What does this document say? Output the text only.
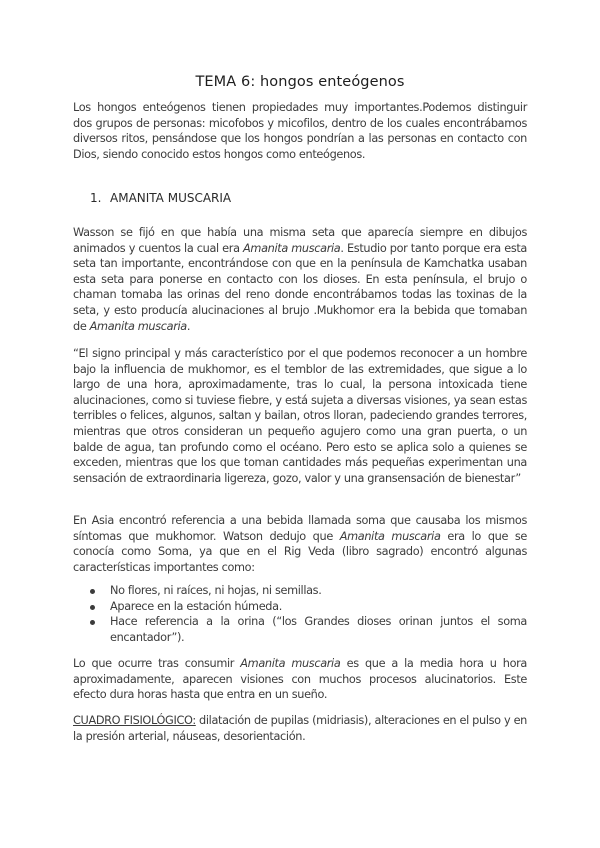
TEMA 6: hongos enteógenos

Los hongos enteógenos tienen propiedades muy importantes.Podemos distinguir dos grupos de personas: micofobos y micofilos, dentro de los cuales encontrábamos diversos ritos, pensándose que los hongos pondrían a las personas en contacto con Dios, siendo conocido estos hongos como enteógenos.

1. AMANITA MUSCARIA

Wasson se fijó en que había una misma seta que aparecía siempre en dibujos animados y cuentos la cual era Amanita muscaria. Estudio por tanto porque era esta seta tan importante, encontrándose con que en la península de Kamchatka usaban esta seta para ponerse en contacto con los dioses. En esta península, el brujo o chaman tomaba las orinas del reno donde encontrábamos todas las toxinas de la seta, y esto producía alucinaciones al brujo .Mukhomor era la bebida que tomaban de Amanita muscaria.

“El signo principal y más característico por el que podemos reconocer a un hombre bajo la influencia de mukhomor, es el temblor de las extremidades, que sigue a lo largo de una hora, aproximadamente, tras lo cual, la persona intoxicada tiene alucinaciones, como si tuviese fiebre, y está sujeta a diversas visiones, ya sean estas terribles o felices, algunos, saltan y bailan, otros lloran, padeciendo grandes terrores, mientras que otros consideran un pequeño agujero como una gran puerta, o un balde de agua, tan profundo como el océano. Pero esto se aplica solo a quienes se exceden, mientras que los que toman cantidades más pequeñas experimentan una sensación de extraordinaria ligereza, gozo, valor y una gransensación de bienestar”

En Asia encontró referencia a una bebida llamada soma que causaba los mismos síntomas que mukhomor. Watson dedujo que Amanita muscaria era lo que se conocía como Soma, ya que en el Rig Veda (libro sagrado) encontró algunas características importantes como:

No flores, ni raíces, ni hojas, ni semillas.
Aparece en la estación húmeda.
Hace referencia a la orina (“los Grandes dioses orinan juntos el soma encantador”).

Lo que ocurre tras consumir Amanita muscaria es que a la media hora u hora aproximadamente, aparecen visiones con muchos procesos alucinatorios. Este efecto dura horas hasta que entra en un sueño.

CUADRO FISIOLÓGICO: dilatación de pupilas (midriasis), alteraciones en el pulso y en la presión arterial, náuseas, desorientación.
